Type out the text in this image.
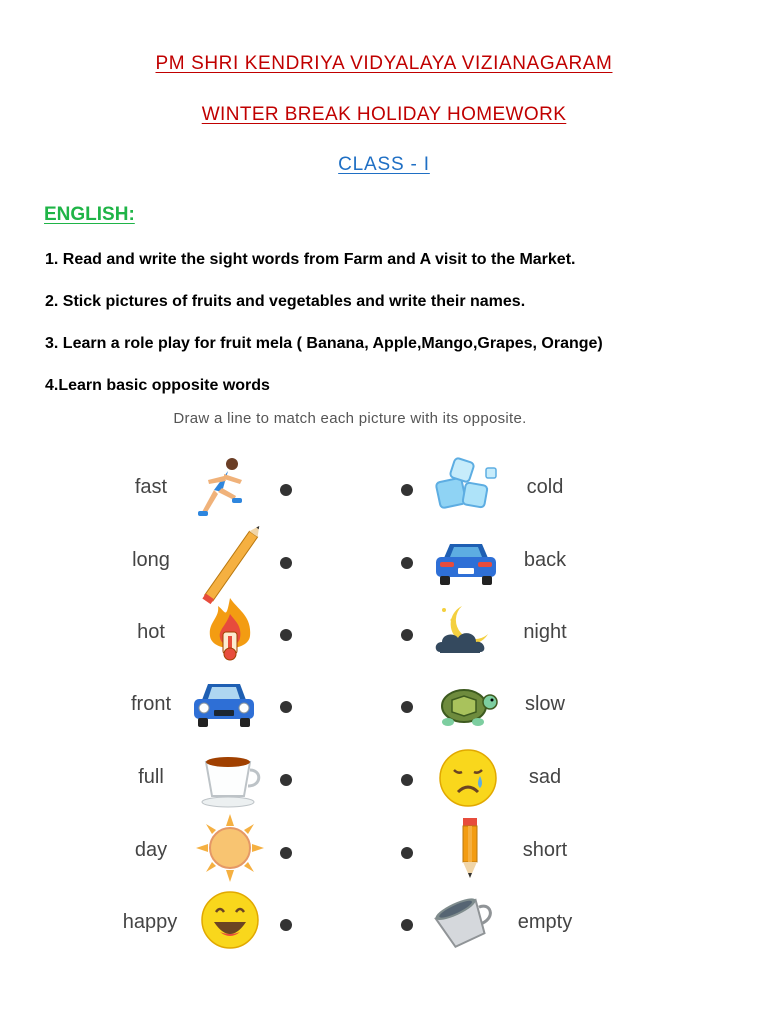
PM SHRI KENDRIYA VIDYALAYA VIZIANAGARAM
WINTER BREAK HOLIDAY HOMEWORK
CLASS - I
ENGLISH:
1. Read and write the sight words from Farm and A visit to the Market.
2. Stick pictures of fruits and vegetables and write their names.
3. Learn a role play for fruit mela ( Banana, Apple,Mango,Grapes, Orange)
4.Learn basic opposite words
Draw a line to match each picture with its opposite.
fast	cold
long	back
hot	night
front	slow
full	sad
day	short
happy	empty
